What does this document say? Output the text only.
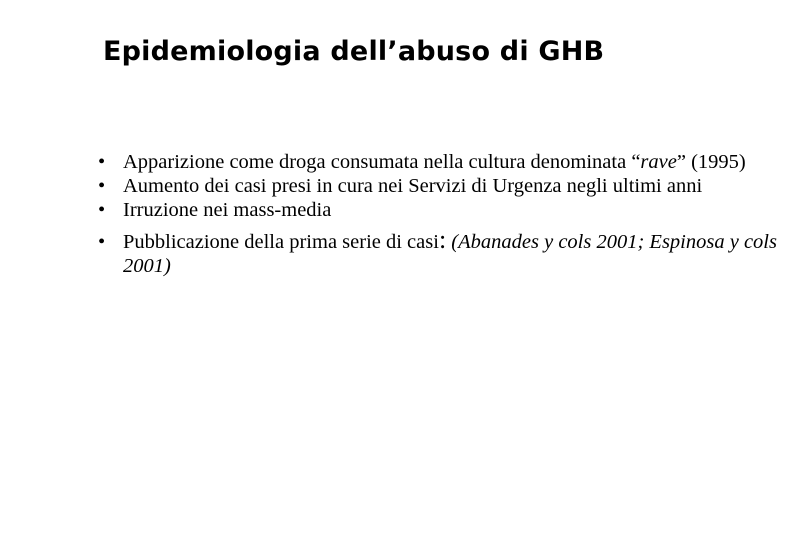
Epidemiologia dell’abuso di GHB
• Apparizione come droga consumata nella cultura denominata “rave” (1995)
• Aumento dei casi presi in cura nei Servizi di Urgenza negli ultimi anni
• Irruzione nei mass-media
• Pubblicazione della prima serie di casi: (Abanades y cols 2001; Espinosa y cols 2001)
